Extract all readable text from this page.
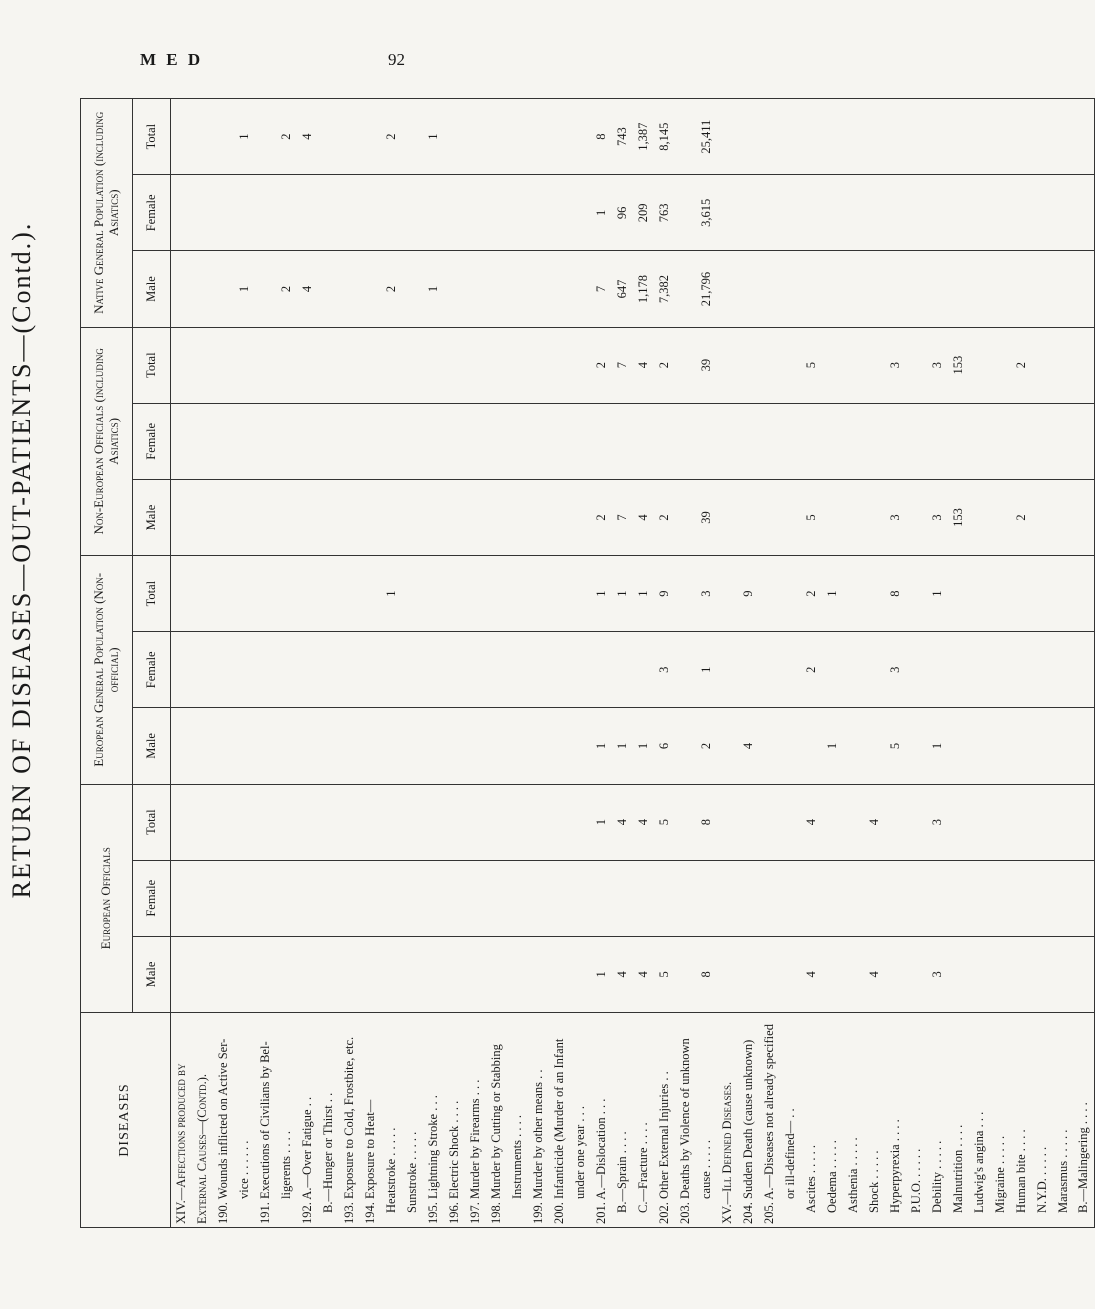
M E D	92
RETURN OF DISEASES—OUT-PATIENTS—(Contd.).
DISEASES	European Officials			European General Population (Non-official)			Non-European Officials (including Asiatics)			Native General Population (including Asiatics)		
	Male	Female	Total	Male	Female	Total	Male	Female	Total	Male	Female	Total
XIV.—Affections produced by												
External Causes—(Contd.).												
190. Wounds inflicted on Active Ser-												
vice . . . . . .										1		1
191. Executions of Civilians by Bel-												
ligerents . . . .										2		2
192. A.—Over Fatigue . .										4		4
B.—Hunger or Thirst . .												
193. Exposure to Cold, Frostbite, etc.												
194. Exposure to Heat—												
Heatstroke . . . . .						1				2		2
Sunstroke . . . . .												
195. Lightning Stroke . . .										1		1
196. Electric Shock . . . .												
197. Murder by Firearms . . .												
198. Murder by Cutting or Stabbing												
Instruments . . . .												
199. Murder by other means . .												
200. Infanticide (Murder of an Infant												
under one year . . .												
201. A.—Dislocation . . .	1		1	1		1	2		2	7	1	8
B.—Sprain . . . .	4		4	1		1	7		7	647	96	743
C.—Fracture . . . .	4		4	1		1	4		4	1,178	209	1,387
202. Other External Injuries . .	5		5	6	3	9	2		2	7,382	763	8,145
203. Deaths by Violence of unknown												
cause . . . . .	8		8	2	1	3	39		39	21,796	3,615	25,411
XV.—Ill Defined Diseases.												
204. Sudden Death (cause unknown)				4		9						
205. A.—Diseases not already specified												
or ill-defined— . .												
Ascites . . . . .	4		4		2	2	5		5			
Oedema . . . . .				1		1						
Asthenia . . . . .												
Shock . . . . .	4		4									
Hyperpyrexia . . . .				5	3	8	3		3			
P.U.O. . . . . .												
Debility . . . . .	3		3	1		1	3		3			
Malnutrition . . . .							153		153			
Ludwig's angina . . .												
Migraine . . . . .												
Human bite . . . .							2		2			
N.Y.D. . . . . .												
Marasmus . . . . .												
B.—Malingering . . . .												
